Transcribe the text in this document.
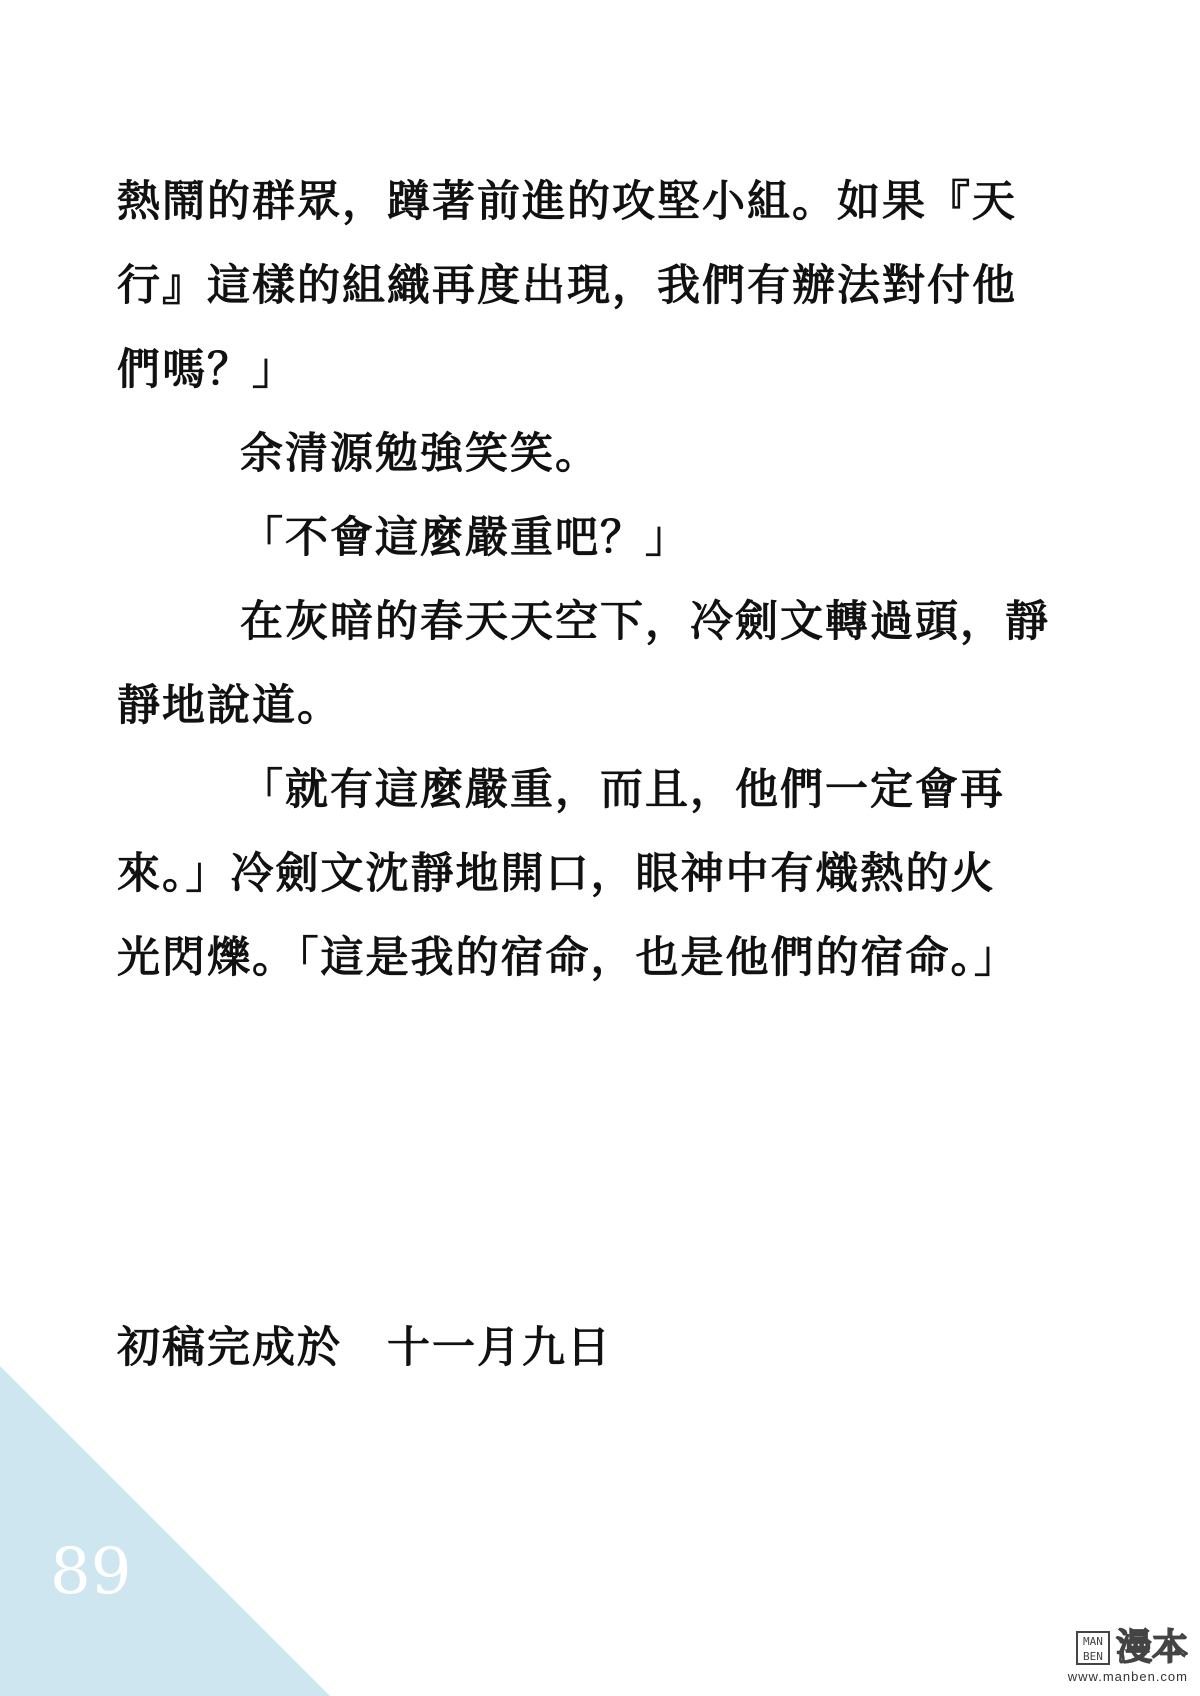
89
熱鬧的群眾，蹲著前進的攻堅小組。如果『天
行』這樣的組織再度出現，我們有辦法對付他
們嗎？」
余清源勉強笑笑。
「不會這麼嚴重吧？」
在灰暗的春天天空下，冷劍文轉過頭，靜
靜地說道。
「就有這麼嚴重，而且，他們一定會再
來。」冷劍文沈靜地開口，眼神中有熾熱的火
光閃爍。「這是我的宿命，也是他們的宿命。」
初稿完成於　十一月九日
MAN BEN 漫本
www.manben.com
